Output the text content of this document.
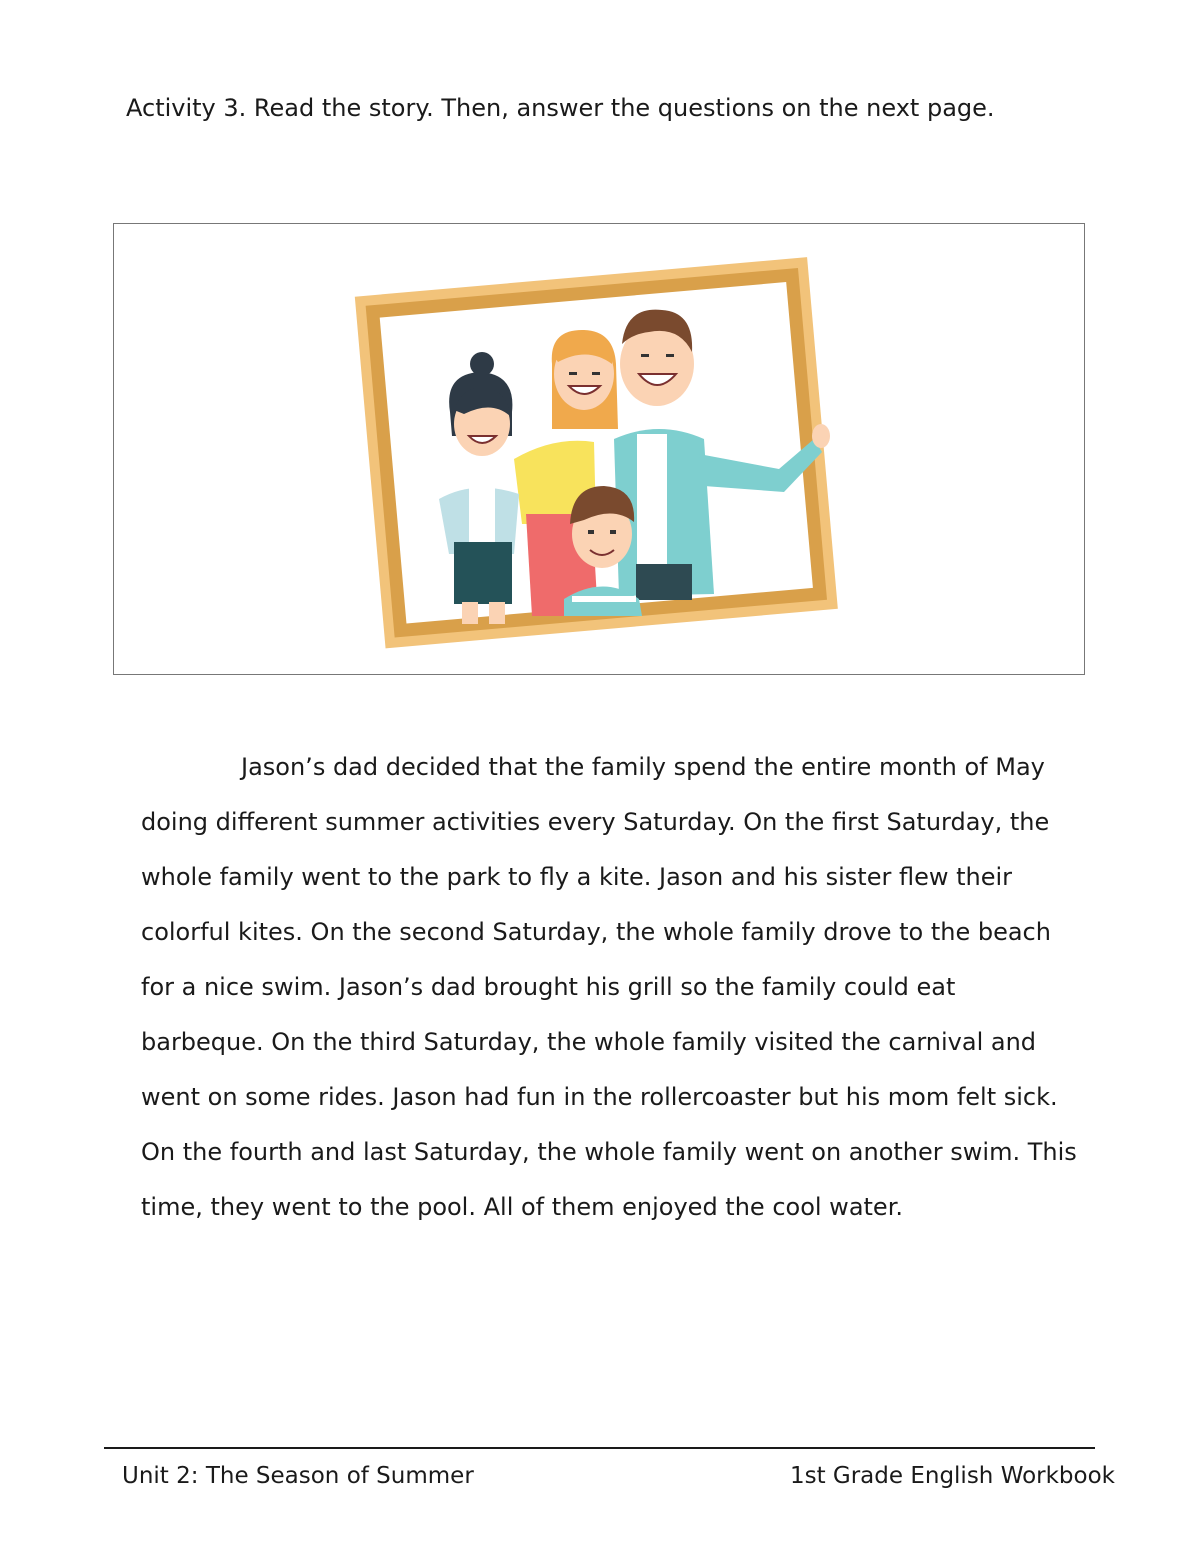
Activity 3. Read the story. Then, answer the questions on the next page.
Jason’s dad decided that the family spend the entire month of May
doing different summer activities every Saturday. On the first Saturday, the
whole family went to the park to fly a kite. Jason and his sister flew their
colorful kites. On the second Saturday, the whole family drove to the beach
for a nice swim. Jason’s dad brought his grill so the family could eat
barbeque. On the third Saturday, the whole family visited the carnival and
went on some rides. Jason had fun in the rollercoaster but his mom felt sick.
On the fourth and last Saturday, the whole family went on another swim. This
time, they went to the pool. All of them enjoyed the cool water.
Unit 2: The Season of Summer	1st Grade English Workbook
